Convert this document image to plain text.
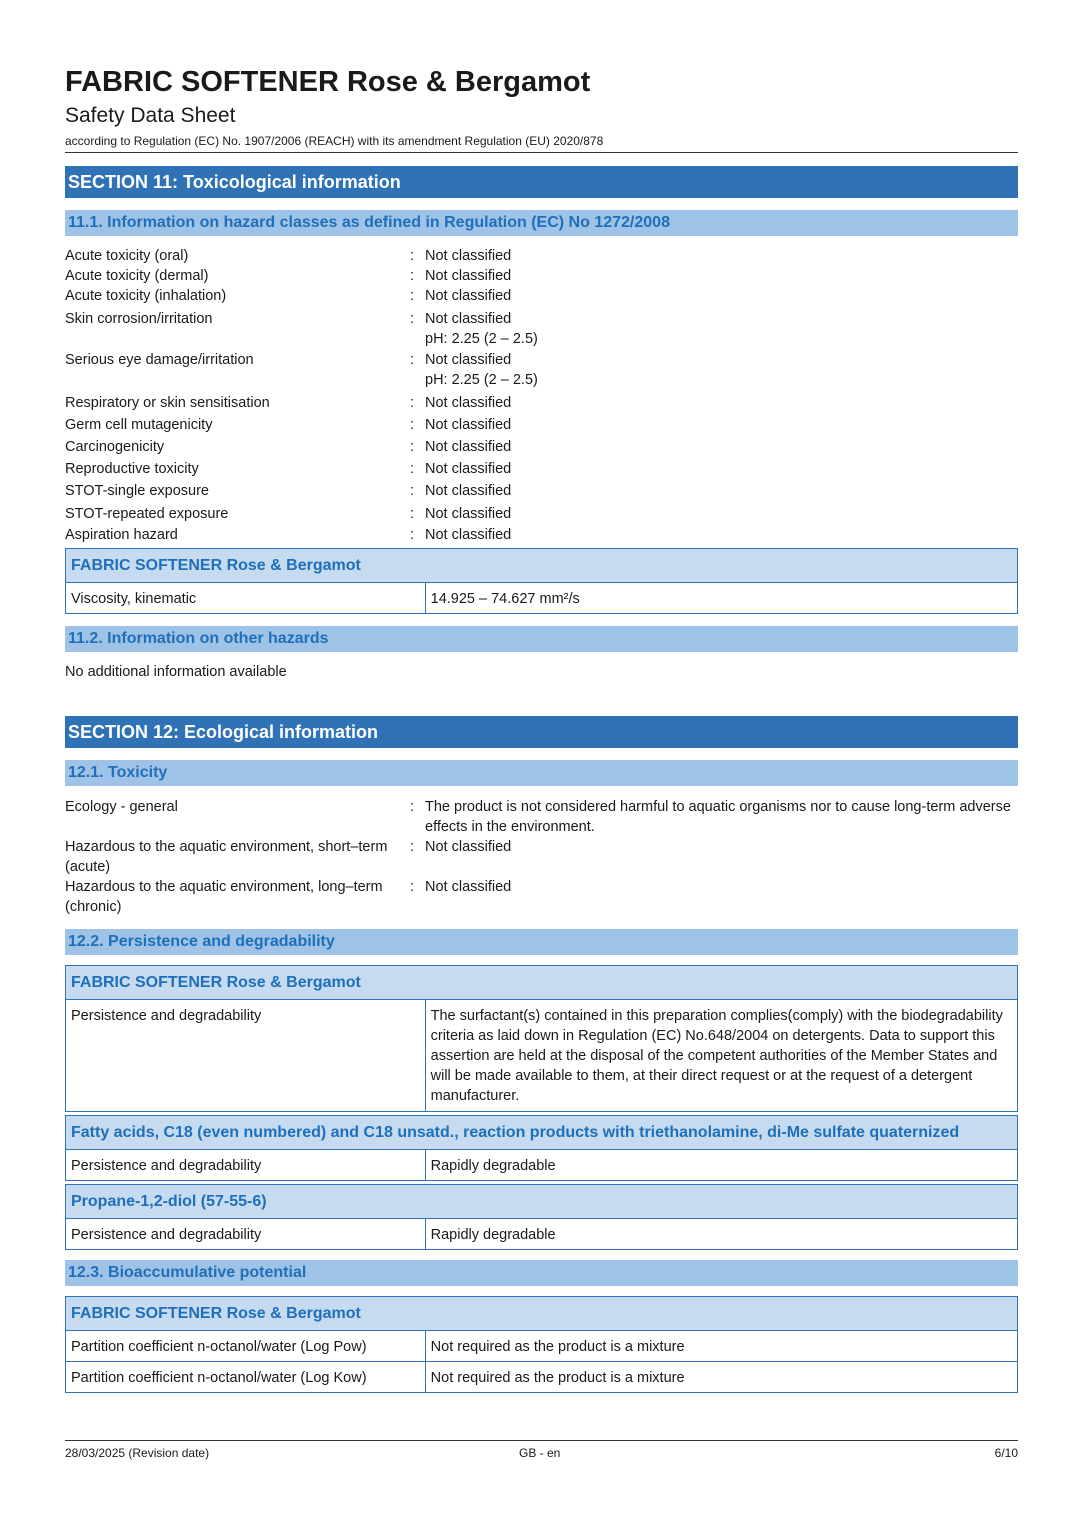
FABRIC SOFTENER Rose & Bergamot
Safety Data Sheet
according to Regulation (EC) No. 1907/2006 (REACH) with its amendment Regulation (EU) 2020/878
SECTION 11: Toxicological information
11.1. Information on hazard classes as defined in Regulation (EC) No 1272/2008
Acute toxicity (oral)	: Not classified
Acute toxicity (dermal)	: Not classified
Acute toxicity (inhalation)	: Not classified
Skin corrosion/irritation	: Not classified
pH: 2.25 (2 – 2.5)
Serious eye damage/irritation	: Not classified
pH: 2.25 (2 – 2.5)
Respiratory or skin sensitisation	: Not classified
Germ cell mutagenicity	: Not classified
Carcinogenicity	: Not classified
Reproductive toxicity	: Not classified
STOT-single exposure	: Not classified
STOT-repeated exposure	: Not classified
Aspiration hazard	: Not classified
FABRIC SOFTENER Rose & Bergamot
Viscosity, kinematic	14.925 – 74.627 mm²/s
11.2. Information on other hazards
No additional information available
SECTION 12: Ecological information
12.1. Toxicity
Ecology - general	: The product is not considered harmful to aquatic organisms nor to cause long-term adverse effects in the environment.
Hazardous to the aquatic environment, short–term (acute)
: Not classified
Hazardous to the aquatic environment, long–term (chronic)
: Not classified
12.2. Persistence and degradability
FABRIC SOFTENER Rose & Bergamot	
Persistence and degradability	The surfactant(s) contained in this preparation complies(comply) with the biodegradability criteria as laid down in Regulation (EC) No.648/2004 on detergents. Data to support this assertion are held at the disposal of the competent authorities of the Member States and will be made available to them, at their direct request or at the request of a detergent manufacturer.

Fatty acids, C18 (even numbered) and C18 unsatd., reaction products with triethanolamine, di-Me sulfate quaternized	
Persistence and degradability	Rapidly degradable

Propane-1,2-diol (57-55-6)	
Persistence and degradability	Rapidly degradable
12.3. Bioaccumulative potential
FABRIC SOFTENER Rose & Bergamot	
Partition coefficient n-octanol/water (Log Pow)	Not required as the product is a mixture
Partition coefficient n-octanol/water (Log Kow)	Not required as the product is a mixture
28/03/2025 (Revision date)	GB - en	6/10
